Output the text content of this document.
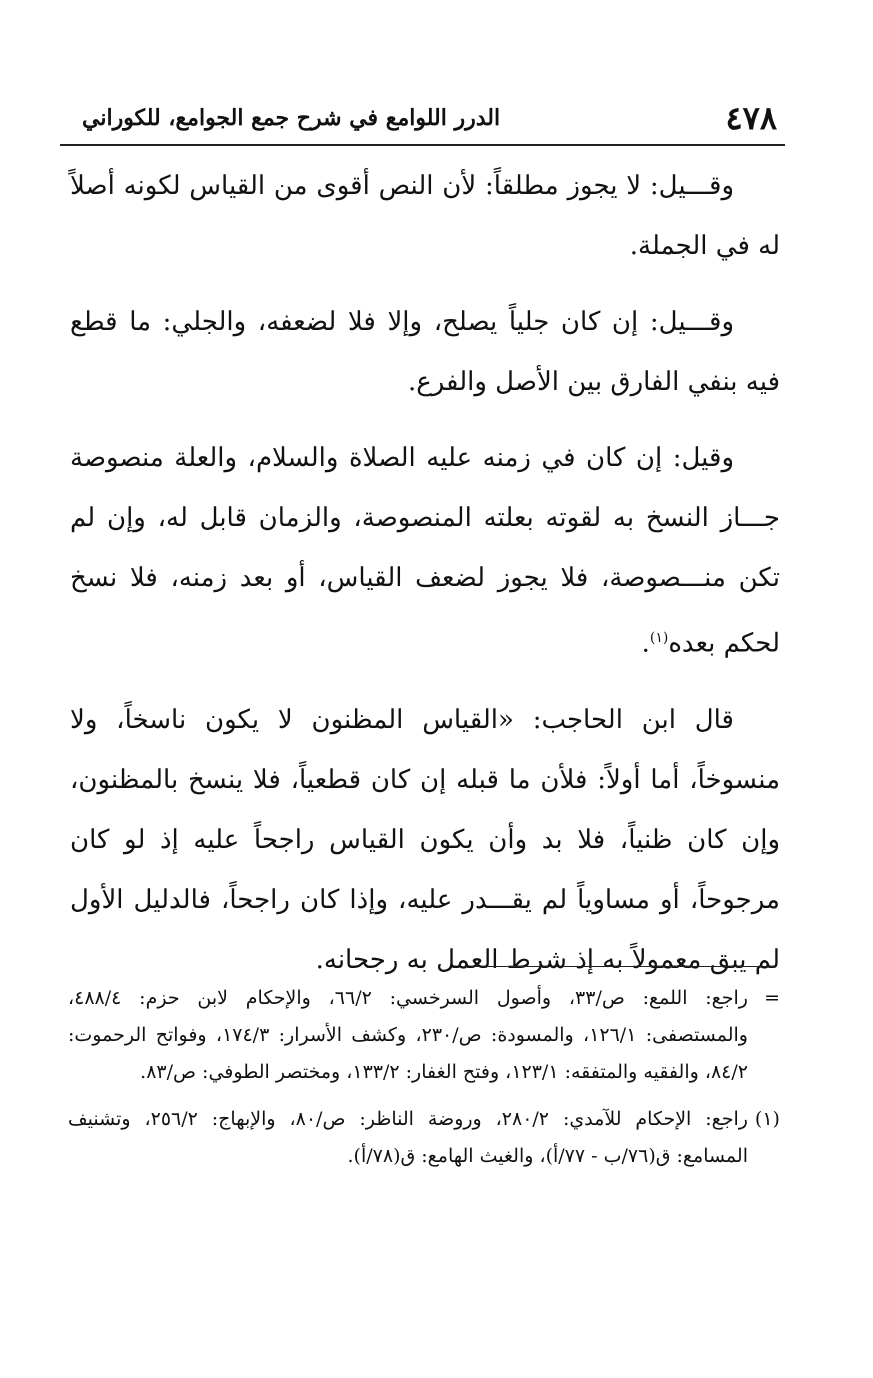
٤٧٨
الدرر اللوامع في شرح جمع الجوامع، للكوراني

وقـــيل: لا يجوز مطلقاً: لأن النص أقوى من القياس لكونه أصلاً له في الجملة.

وقـــيل: إن كان جلياً يصلح، وإلا فلا لضعفه، والجلي: ما قطع فيه بنفي الفارق بين الأصل والفرع.

وقيل: إن كان في زمنه عليه الصلاة والسلام، والعلة منصوصة جـــاز النسخ به لقوته بعلته المنصوصة، والزمان قابل له، وإن لم تكن منـــصوصة، فلا يجوز لضعف القياس، أو بعد زمنه، فلا نسخ لحكم بعده$^{(١)}$.

قال ابن الحاجب: «القياس المظنون لا يكون ناسخاً، ولا منسوخاً، أما أولاً: فلأن ما قبله إن كان قطعياً، فلا ينسخ بالمظنون، وإن كان ظنياً، فلا بد وأن يكون القياس راجحاً عليه إذ لو كان مرجوحاً، أو مساوياً لم يقـــدر عليه، وإذا كان راجحاً، فالدليل الأول لم يبق معمولاً به إذ شرط العمل به رجحانه.

=راجع: اللمع: ص/٣٣، وأصول السرخسي: ٦٦/٢، والإحكام لابن حزم: ٤٨٨/٤، والمستصفى: ١٢٦/١، والمسودة: ص/٢٣٠، وكشف الأسرار: ١٧٤/٣، وفواتح الرحموت: ٨٤/٢، والفقيه والمتفقه: ١٢٣/١، وفتح الغفار: ١٣٣/٢، ومختصر الطوفي: ص/٨٣.

(١)راجع: الإحكام للآمدي: ٢٨٠/٢، وروضة الناظر: ص/٨٠، والإبهاج: ٢٥٦/٢، وتشنيف المسامع: ق(٧٦/ب - ٧٧/أ)، والغيث الهامع: ق(٧٨/أ).
